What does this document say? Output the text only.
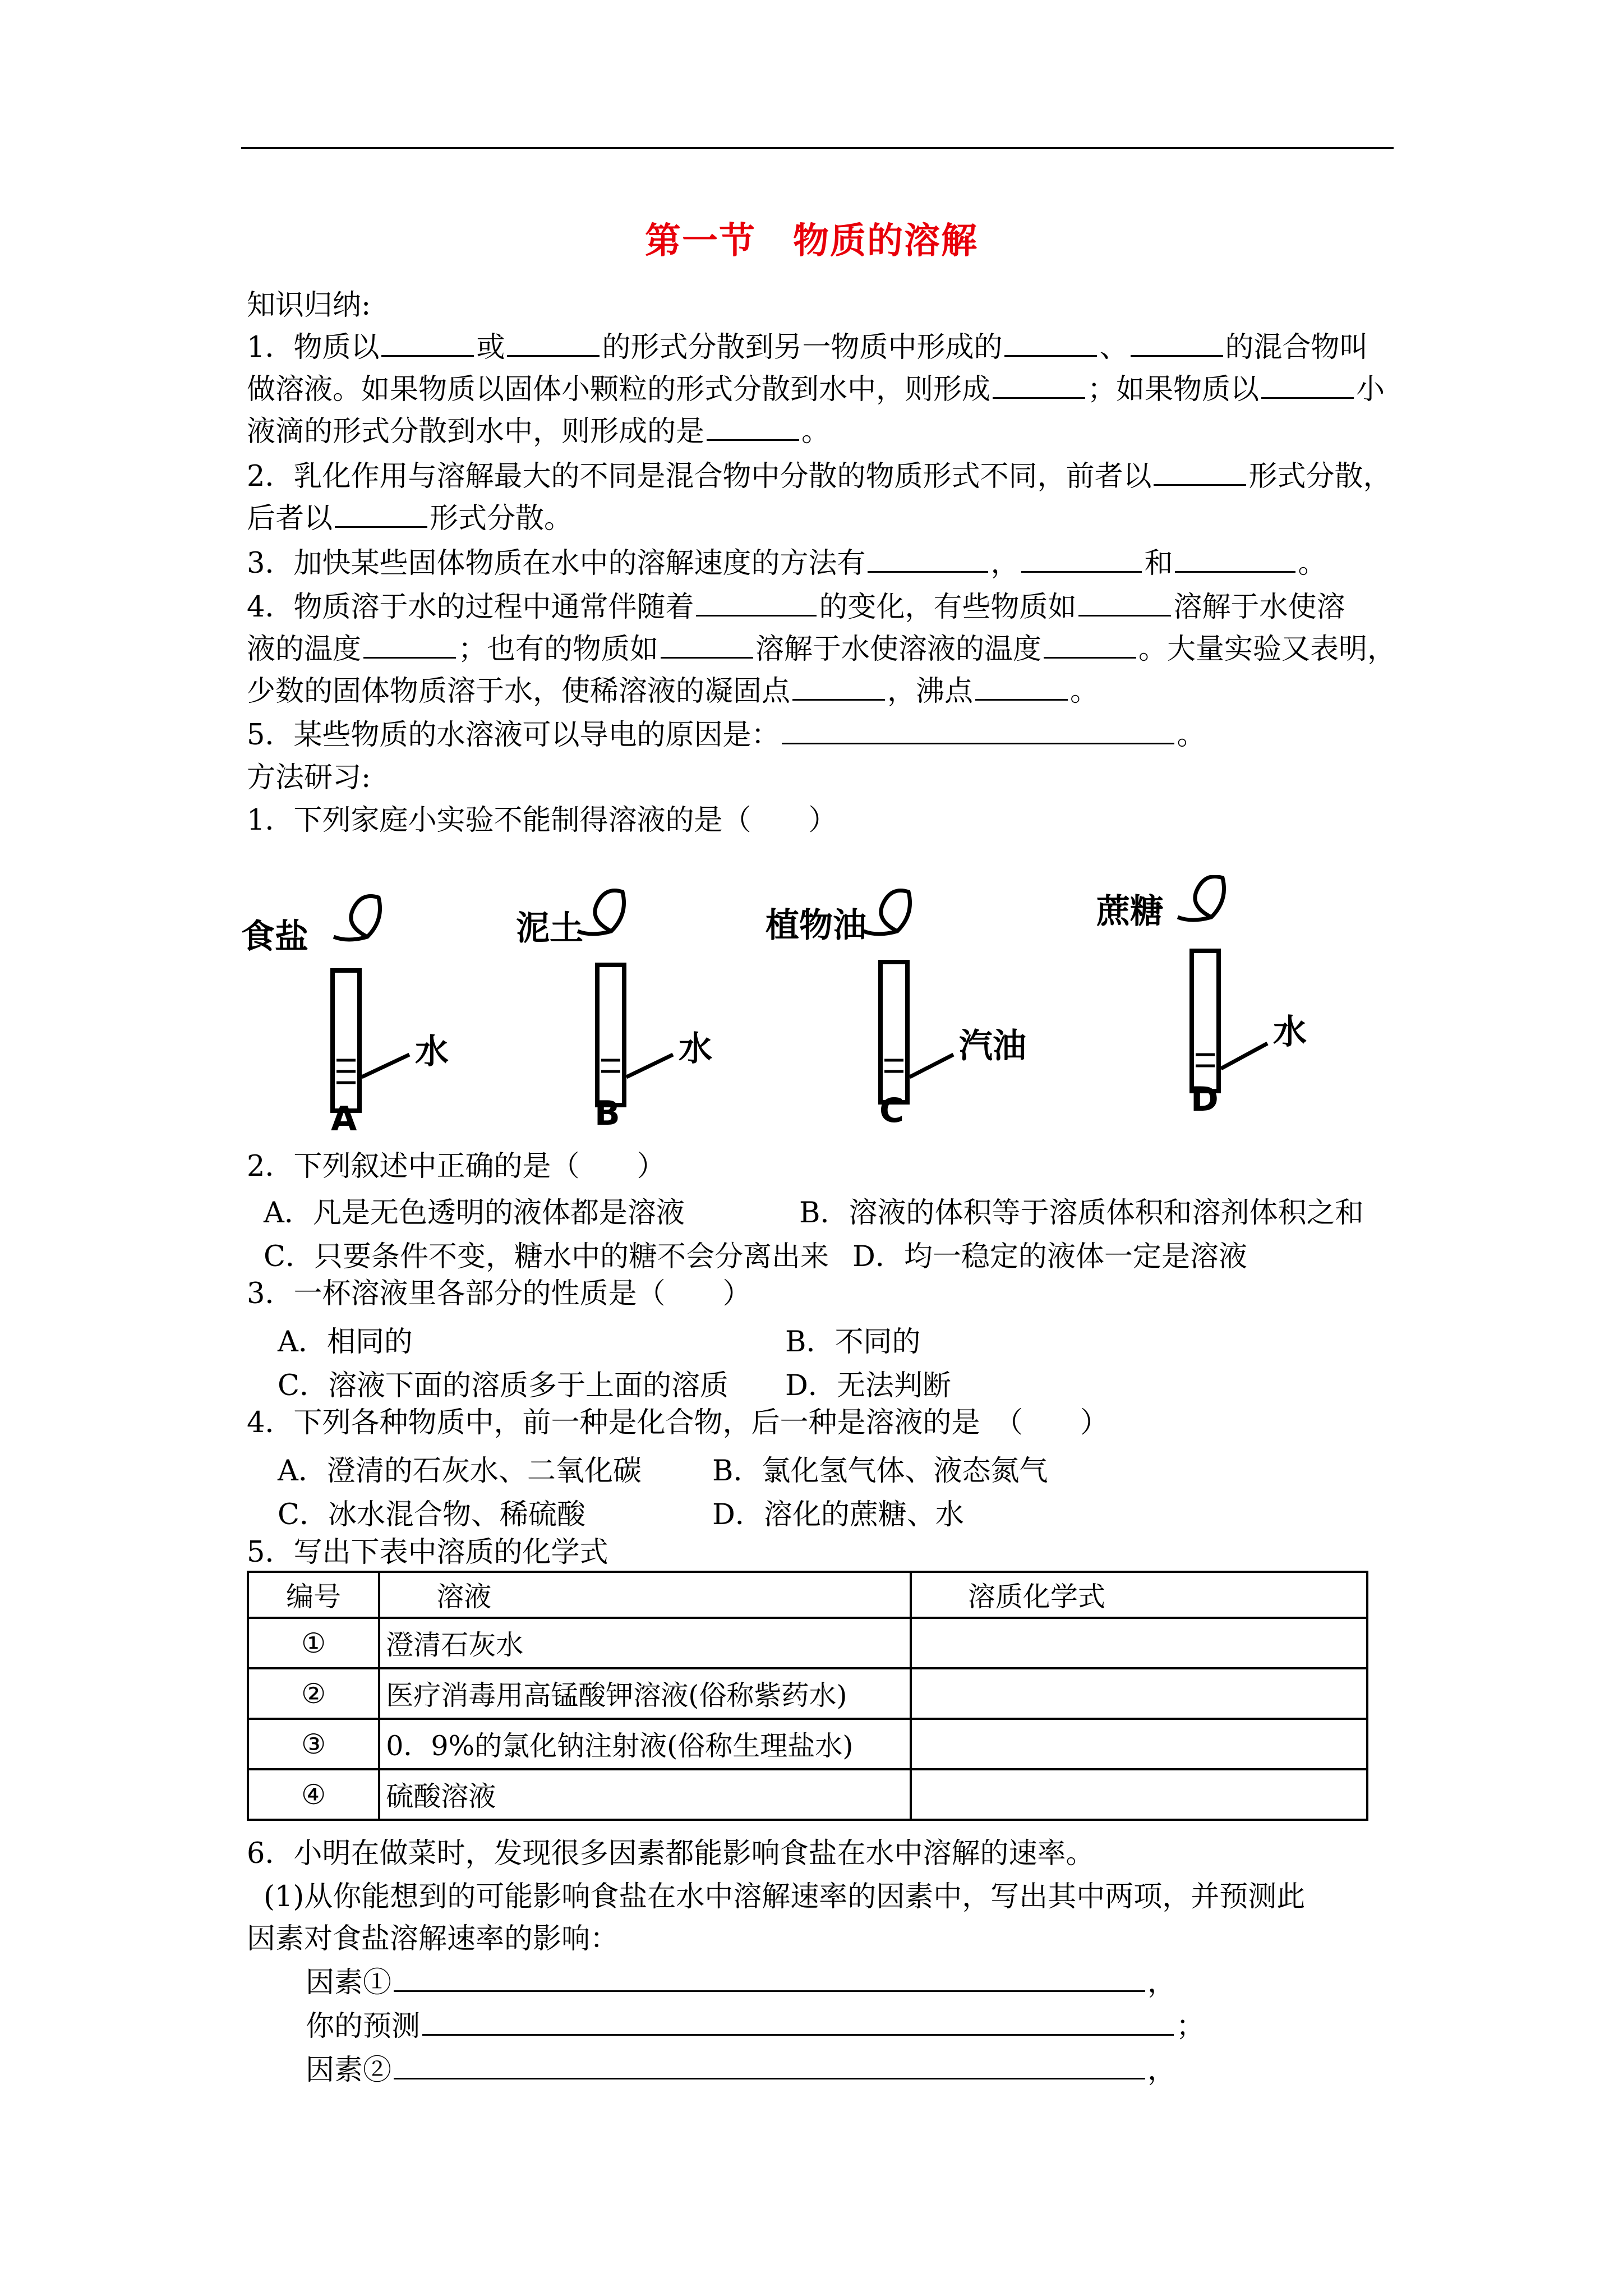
第一节　物质的溶解
知识归纳:
1．物质以	或	的形式分散到另一物质中形成的	、	的混合物叫
做溶液。如果物质以固体小颗粒的形式分散到水中，则形成	；如果物质以	小
液滴的形式分散到水中，则形成的是	。
2．乳化作用与溶解最大的不同是混合物中分散的物质形式不同，前者以	形式分散，
后者以	形式分散。
3．加快某些固体物质在水中的溶解速度的方法有	，	和	。
4．物质溶于水的过程中通常伴随着	的变化，有些物质如	溶解于水使溶
液的温度	；也有的物质如	溶解于水使溶液的温度	。大量实验又表明，
少数的固体物质溶于水，使稀溶液的凝固点	，沸点	。
5．某些物质的水溶液可以导电的原因是：	。
方法研习:
1．下列家庭小实验不能制得溶液的是（　　）
食盐
水
A
泥土
水
B
植物油
汽油
C
蔗糖
水
D
2．下列叙述中正确的是（　　）
A．凡是无色透明的液体都是溶液	B．溶液的体积等于溶质体积和溶剂体积之和
C．只要条件不变，糖水中的糖不会分离出来 D．均一稳定的液体一定是溶液
3．一杯溶液里各部分的性质是（　　）
A．相同的	B．不同的
C．溶液下面的溶质多于上面的溶质 D．无法判断
4．下列各种物质中，前一种是化合物，后一种是溶液的是　（　　）
A．澄清的石灰水、二氧化碳 B．氯化氢气体、液态氮气
C．冰水混合物、稀硫酸	D．溶化的蔗糖、水
5．写出下表中溶质的化学式
编号	溶液	溶质化学式
①	澄清石灰水	
②	医疗消毒用高锰酸钾溶液(俗称紫药水)	
③	0．9%的氯化钠注射液(俗称生理盐水)	
④	硫酸溶液	
6．小明在做菜时，发现很多因素都能影响食盐在水中溶解的速率。
(1)从你能想到的可能影响食盐在水中溶解速率的因素中，写出其中两项，并预测此
因素对食盐溶解速率的影响：
因素①	，
你的预测	；
因素②	，
